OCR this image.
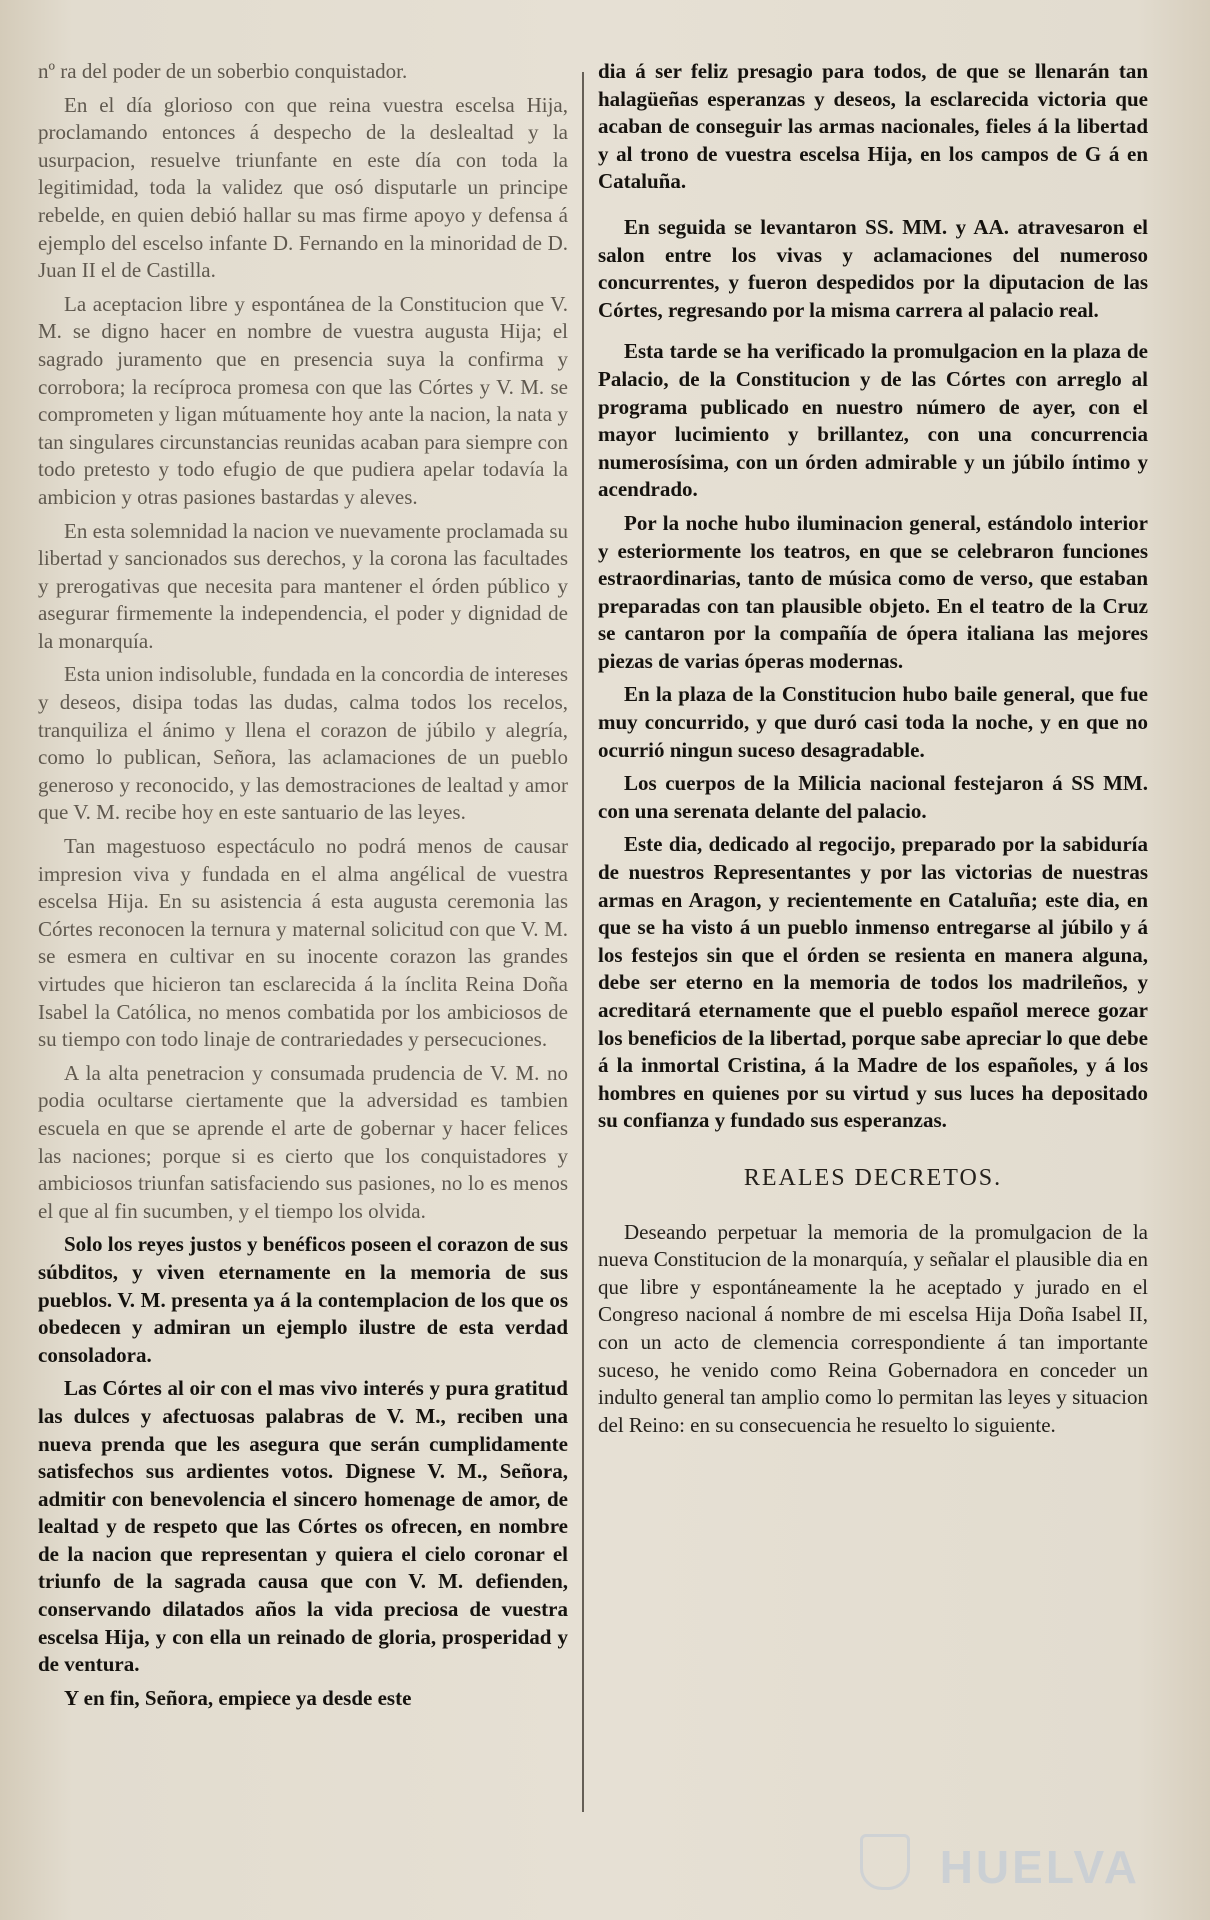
nº ra del poder de un soberbio conquistador.

En el día glorioso con que reina vuestra escelsa Hija, proclamando entonces á despecho de la deslealtad y la usurpacion, resuelve triunfante en este día con toda la legitimidad, toda la validez que osó disputarle un principe rebelde, en quien debió hallar su mas firme apoyo y defensa á ejemplo del escelso infante D. Fernando en la minoridad de D. Juan II el de Castilla.

La aceptacion libre y espontánea de la Constitucion que V. M. se digno hacer en nombre de vuestra augusta Hija; el sagrado juramento que en presencia suya la confirma y corrobora; la recíproca promesa con que las Córtes y V. M. se comprometen y ligan mútuamente hoy ante la nacion, la nata y tan singulares circunstancias reunidas acaban para siempre con todo pretesto y todo efugio de que pudiera apelar todavía la ambicion y otras pasiones bastardas y aleves.

En esta solemnidad la nacion ve nuevamente proclamada su libertad y sancionados sus derechos, y la corona las facultades y prerogativas que necesita para mantener el órden público y asegurar firmemente la independencia, el poder y dignidad de la monarquía.

Esta union indisoluble, fundada en la concordia de intereses y deseos, disipa todas las dudas, calma todos los recelos, tranquiliza el ánimo y llena el corazon de júbilo y alegría, como lo publican, Señora, las aclamaciones de un pueblo generoso y reconocido, y las demostraciones de lealtad y amor que V. M. recibe hoy en este santuario de las leyes.

Tan magestuoso espectáculo no podrá menos de causar impresion viva y fundada en el alma angélical de vuestra escelsa Hija. En su asistencia á esta augusta ceremonia las Córtes reconocen la ternura y maternal solicitud con que V. M. se esmera en cultivar en su inocente corazon las grandes virtudes que hicieron tan esclarecida á la ínclita Reina Doña Isabel la Católica, no menos combatida por los ambiciosos de su tiempo con todo linaje de contrariedades y persecuciones.

A la alta penetracion y consumada prudencia de V. M. no podia ocultarse ciertamente que la adversidad es tambien escuela en que se aprende el arte de gobernar y hacer felices las naciones; porque si es cierto que los conquistadores y ambiciosos triunfan satisfaciendo sus pasiones, no lo es menos el que al fin sucumben, y el tiempo los olvida.

Solo los reyes justos y benéficos poseen el corazon de sus súbditos, y viven eternamente en la memoria de sus pueblos. V. M. presenta ya á la contemplacion de los que os obedecen y admiran un ejemplo ilustre de esta verdad consoladora.

Las Córtes al oir con el mas vivo interés y pura gratitud las dulces y afectuosas palabras de V. M., reciben una nueva prenda que les asegura que serán cumplidamente satisfechos sus ardientes votos. Dignese V. M., Señora, admitir con benevolencia el sincero homenage de amor, de lealtad y de respeto que las Córtes os ofrecen, en nombre de la nacion que representan y quiera el cielo coronar el triunfo de la sagrada causa que con V. M. defienden, conservando dilatados años la vida preciosa de vuestra escelsa Hija, y con ella un reinado de gloria, prosperidad y de ventura.

Y en fin, Señora, empiece ya desde este

dia á ser feliz presagio para todos, de que se llenarán tan halagüeñas esperanzas y deseos, la esclarecida victoria que acaban de conseguir las armas nacionales, fieles á la libertad y al trono de vuestra escelsa Hija, en los campos de G á en Cataluña.

En seguida se levantaron SS. MM. y AA. atravesaron el salon entre los vivas y aclamaciones del numeroso concurrentes, y fueron despedidos por la diputacion de las Córtes, regresando por la misma carrera al palacio real.

Esta tarde se ha verificado la promulgacion en la plaza de Palacio, de la Constitucion y de las Córtes con arreglo al programa publicado en nuestro número de ayer, con el mayor lucimiento y brillantez, con una concurrencia numerosísima, con un órden admirable y un júbilo íntimo y acendrado.

Por la noche hubo iluminacion general, estándolo interior y esteriormente los teatros, en que se celebraron funciones estraordinarias, tanto de música como de verso, que estaban preparadas con tan plausible objeto. En el teatro de la Cruz se cantaron por la compañía de ópera italiana las mejores piezas de varias óperas modernas.

En la plaza de la Constitucion hubo baile general, que fue muy concurrido, y que duró casi toda la noche, y en que no ocurrió ningun suceso desagradable.

Los cuerpos de la Milicia nacional festejaron á SS MM. con una serenata delante del palacio.

Este dia, dedicado al regocijo, preparado por la sabiduría de nuestros Representantes y por las victorias de nuestras armas en Aragon, y recientemente en Cataluña; este dia, en que se ha visto á un pueblo inmenso entregarse al júbilo y á los festejos sin que el órden se resienta en manera alguna, debe ser eterno en la memoria de todos los madrileños, y acreditará eternamente que el pueblo español merece gozar los beneficios de la libertad, porque sabe apreciar lo que debe á la inmortal Cristina, á la Madre de los españoles, y á los hombres en quienes por su virtud y sus luces ha depositado su confianza y fundado sus esperanzas.

REALES DECRETOS.

Deseando perpetuar la memoria de la promulgacion de la nueva Constitucion de la monarquía, y señalar el plausible dia en que libre y espontáneamente la he aceptado y jurado en el Congreso nacional á nombre de mi escelsa Hija Doña Isabel II, con un acto de clemencia correspondiente á tan importante suceso, he venido como Reina Gobernadora en conceder un indulto general tan amplio como lo permitan las leyes y situacion del Reino: en su consecuencia he resuelto lo siguiente.

HUELVA
